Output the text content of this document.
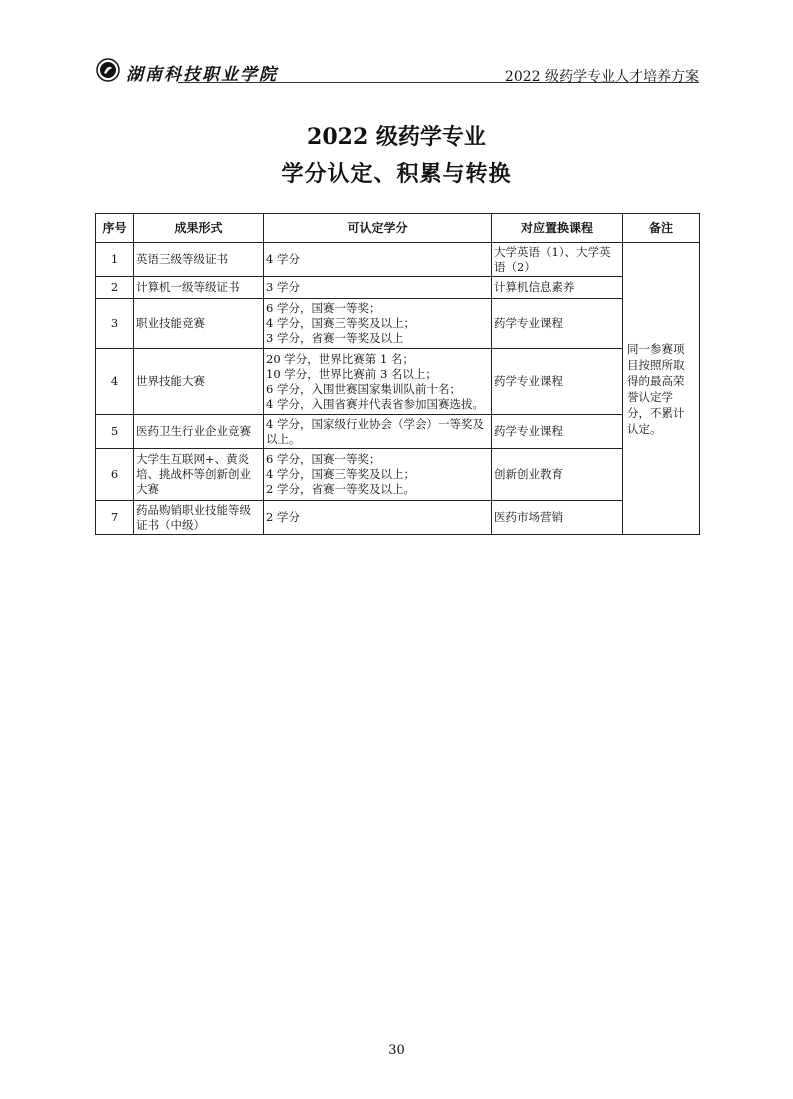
湖南科技职业学院	2022 级药学专业人才培养方案
2022 级药学专业
学分认定、积累与转换
序号	成果形式	可认定学分	对应置换课程	备注
1	英语三级等级证书	4 学分	大学英语（1）、大学英语（2）	同一参赛项目按照所取得的最高荣誉认定学分，不累计认定。
2	计算机一级等级证书	3 学分	计算机信息素养	
3	职业技能竞赛	6 学分，国赛一等奖；
4 学分，国赛三等奖及以上；
3 学分，省赛一等奖及以上	药学专业课程	
4	世界技能大赛	20 学分，世界比赛第 1 名；
10 学分，世界比赛前 3 名以上；
6 学分，入围世赛国家集训队前十名；
4 学分，入围省赛并代表省参加国赛选拔。	药学专业课程	
5	医药卫生行业企业竞赛	4 学分，国家级行业协会（学会）一等奖及以上。	药学专业课程	
6	大学生互联网+、黄炎培、挑战杯等创新创业大赛	6 学分，国赛一等奖；
4 学分，国赛三等奖及以上；
2 学分，省赛一等奖及以上。	创新创业教育	
7	药品购销职业技能等级证书（中级）	2 学分	医药市场营销	
30
